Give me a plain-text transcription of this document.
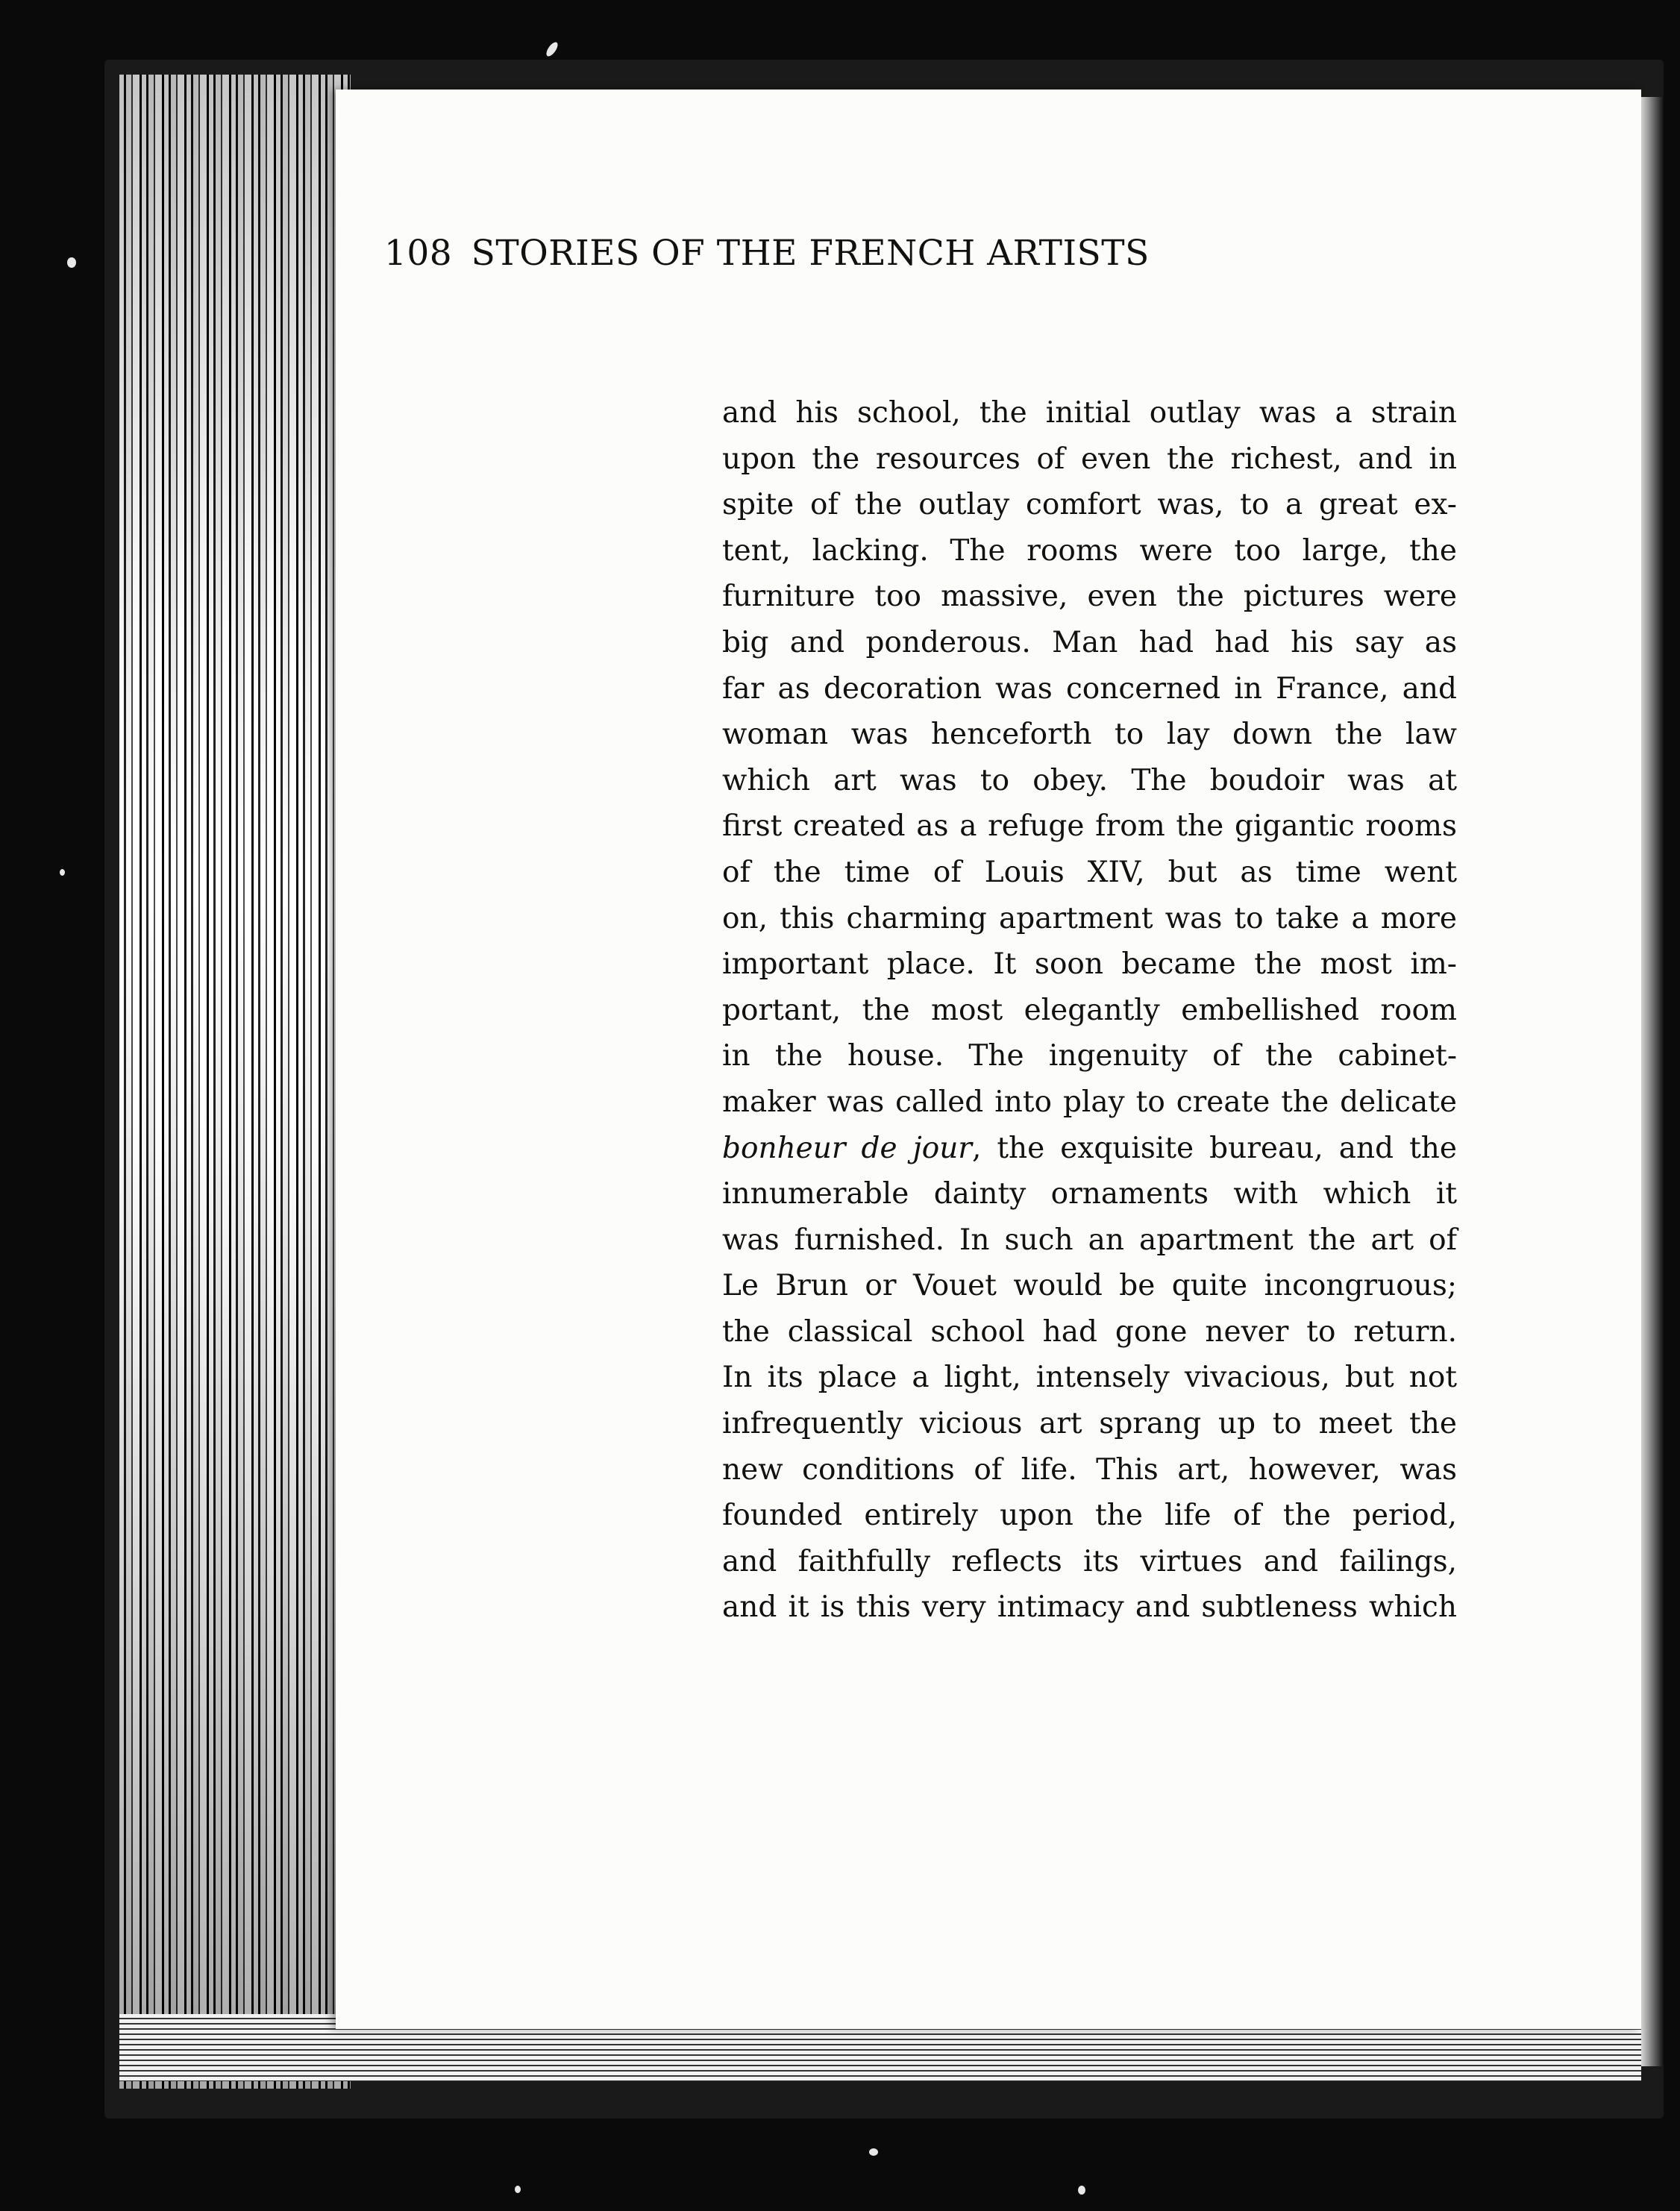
108 STORIES OF THE FRENCH ARTISTS
and his school, the initial outlay was a strain
upon the resources of even the richest, and in
spite of the outlay comfort was, to a great ex-
tent, lacking. The rooms were too large, the
furniture too massive, even the pictures were
big and ponderous. Man had had his say as
far as decoration was concerned in France, and
woman was henceforth to lay down the law
which art was to obey. The boudoir was at
first created as a refuge from the gigantic rooms
of the time of Louis XIV, but as time went
on, this charming apartment was to take a more
important place. It soon became the most im-
portant, the most elegantly embellished room
in the house. The ingenuity of the cabinet-
maker was called into play to create the delicate
bonheur de jour, the exquisite bureau, and the
innumerable dainty ornaments with which it
was furnished. In such an apartment the art of
Le Brun or Vouet would be quite incongruous;
the classical school had gone never to return.
In its place a light, intensely vivacious, but not
infrequently vicious art sprang up to meet the
new conditions of life. This art, however, was
founded entirely upon the life of the period,
and faithfully reflects its virtues and failings,
and it is this very intimacy and subtleness which
